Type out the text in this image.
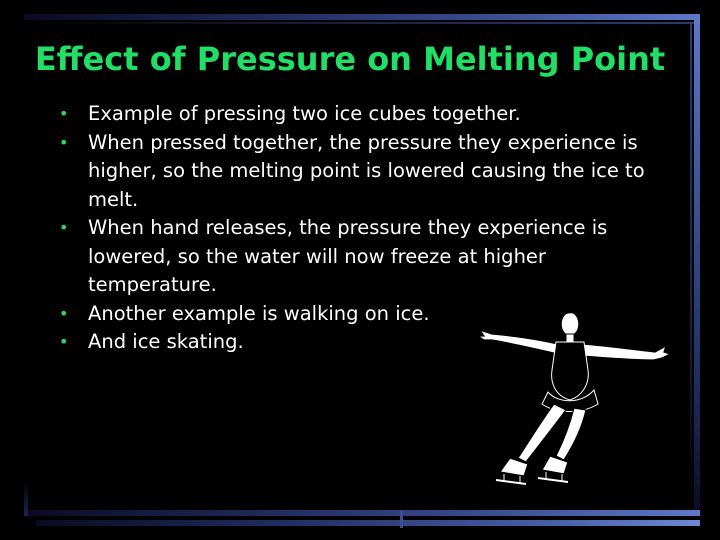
Effect of Pressure on Melting Point
• Example of pressing two ice cubes together.
• When pressed together, the pressure they experience is higher, so the melting point is lowered causing the ice to melt.
• When hand releases, the pressure they experience is lowered, so the water will now freeze at higher temperature.
• Another example is walking on ice.
• And ice skating.
